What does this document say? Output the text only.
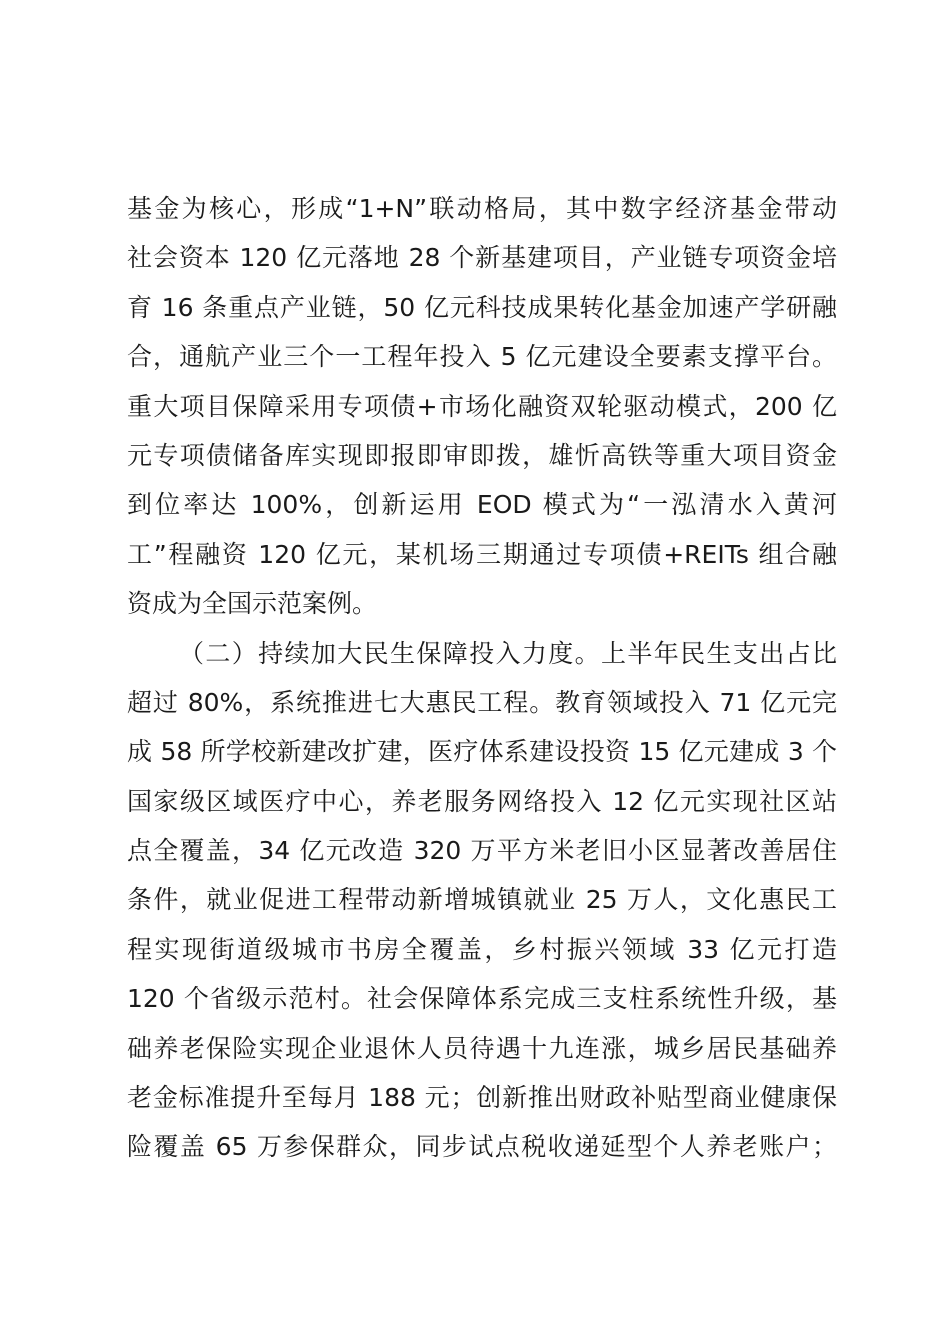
基金为核心，形成“1+N”联动格局，其中数字经济基金带动
社会资本 120 亿元落地 28 个新基建项目，产业链专项资金培
育 16 条重点产业链，50 亿元科技成果转化基金加速产学研融
合，通航产业三个一工程年投入 5 亿元建设全要素支撑平台。
重大项目保障采用专项债+市场化融资双轮驱动模式，200 亿
元专项债储备库实现即报即审即拨，雄忻高铁等重大项目资金
到位率达 100%，创新运用 EOD 模式为“一泓清水入黄河
工”程融资 120 亿元，某机场三期通过专项债+REITs 组合融
资成为全国示范案例。
（二）持续加大民生保障投入力度。上半年民生支出占比
超过 80%，系统推进七大惠民工程。教育领域投入 71 亿元完
成 58 所学校新建改扩建，医疗体系建设投资 15 亿元建成 3 个
国家级区域医疗中心，养老服务网络投入 12 亿元实现社区站
点全覆盖，34 亿元改造 320 万平方米老旧小区显著改善居住
条件，就业促进工程带动新增城镇就业 25 万人，文化惠民工
程实现街道级城市书房全覆盖，乡村振兴领域 33 亿元打造
120 个省级示范村。社会保障体系完成三支柱系统性升级，基
础养老保险实现企业退休人员待遇十九连涨，城乡居民基础养
老金标准提升至每月 188 元；创新推出财政补贴型商业健康保
险覆盖 65 万参保群众，同步试点税收递延型个人养老账户；
